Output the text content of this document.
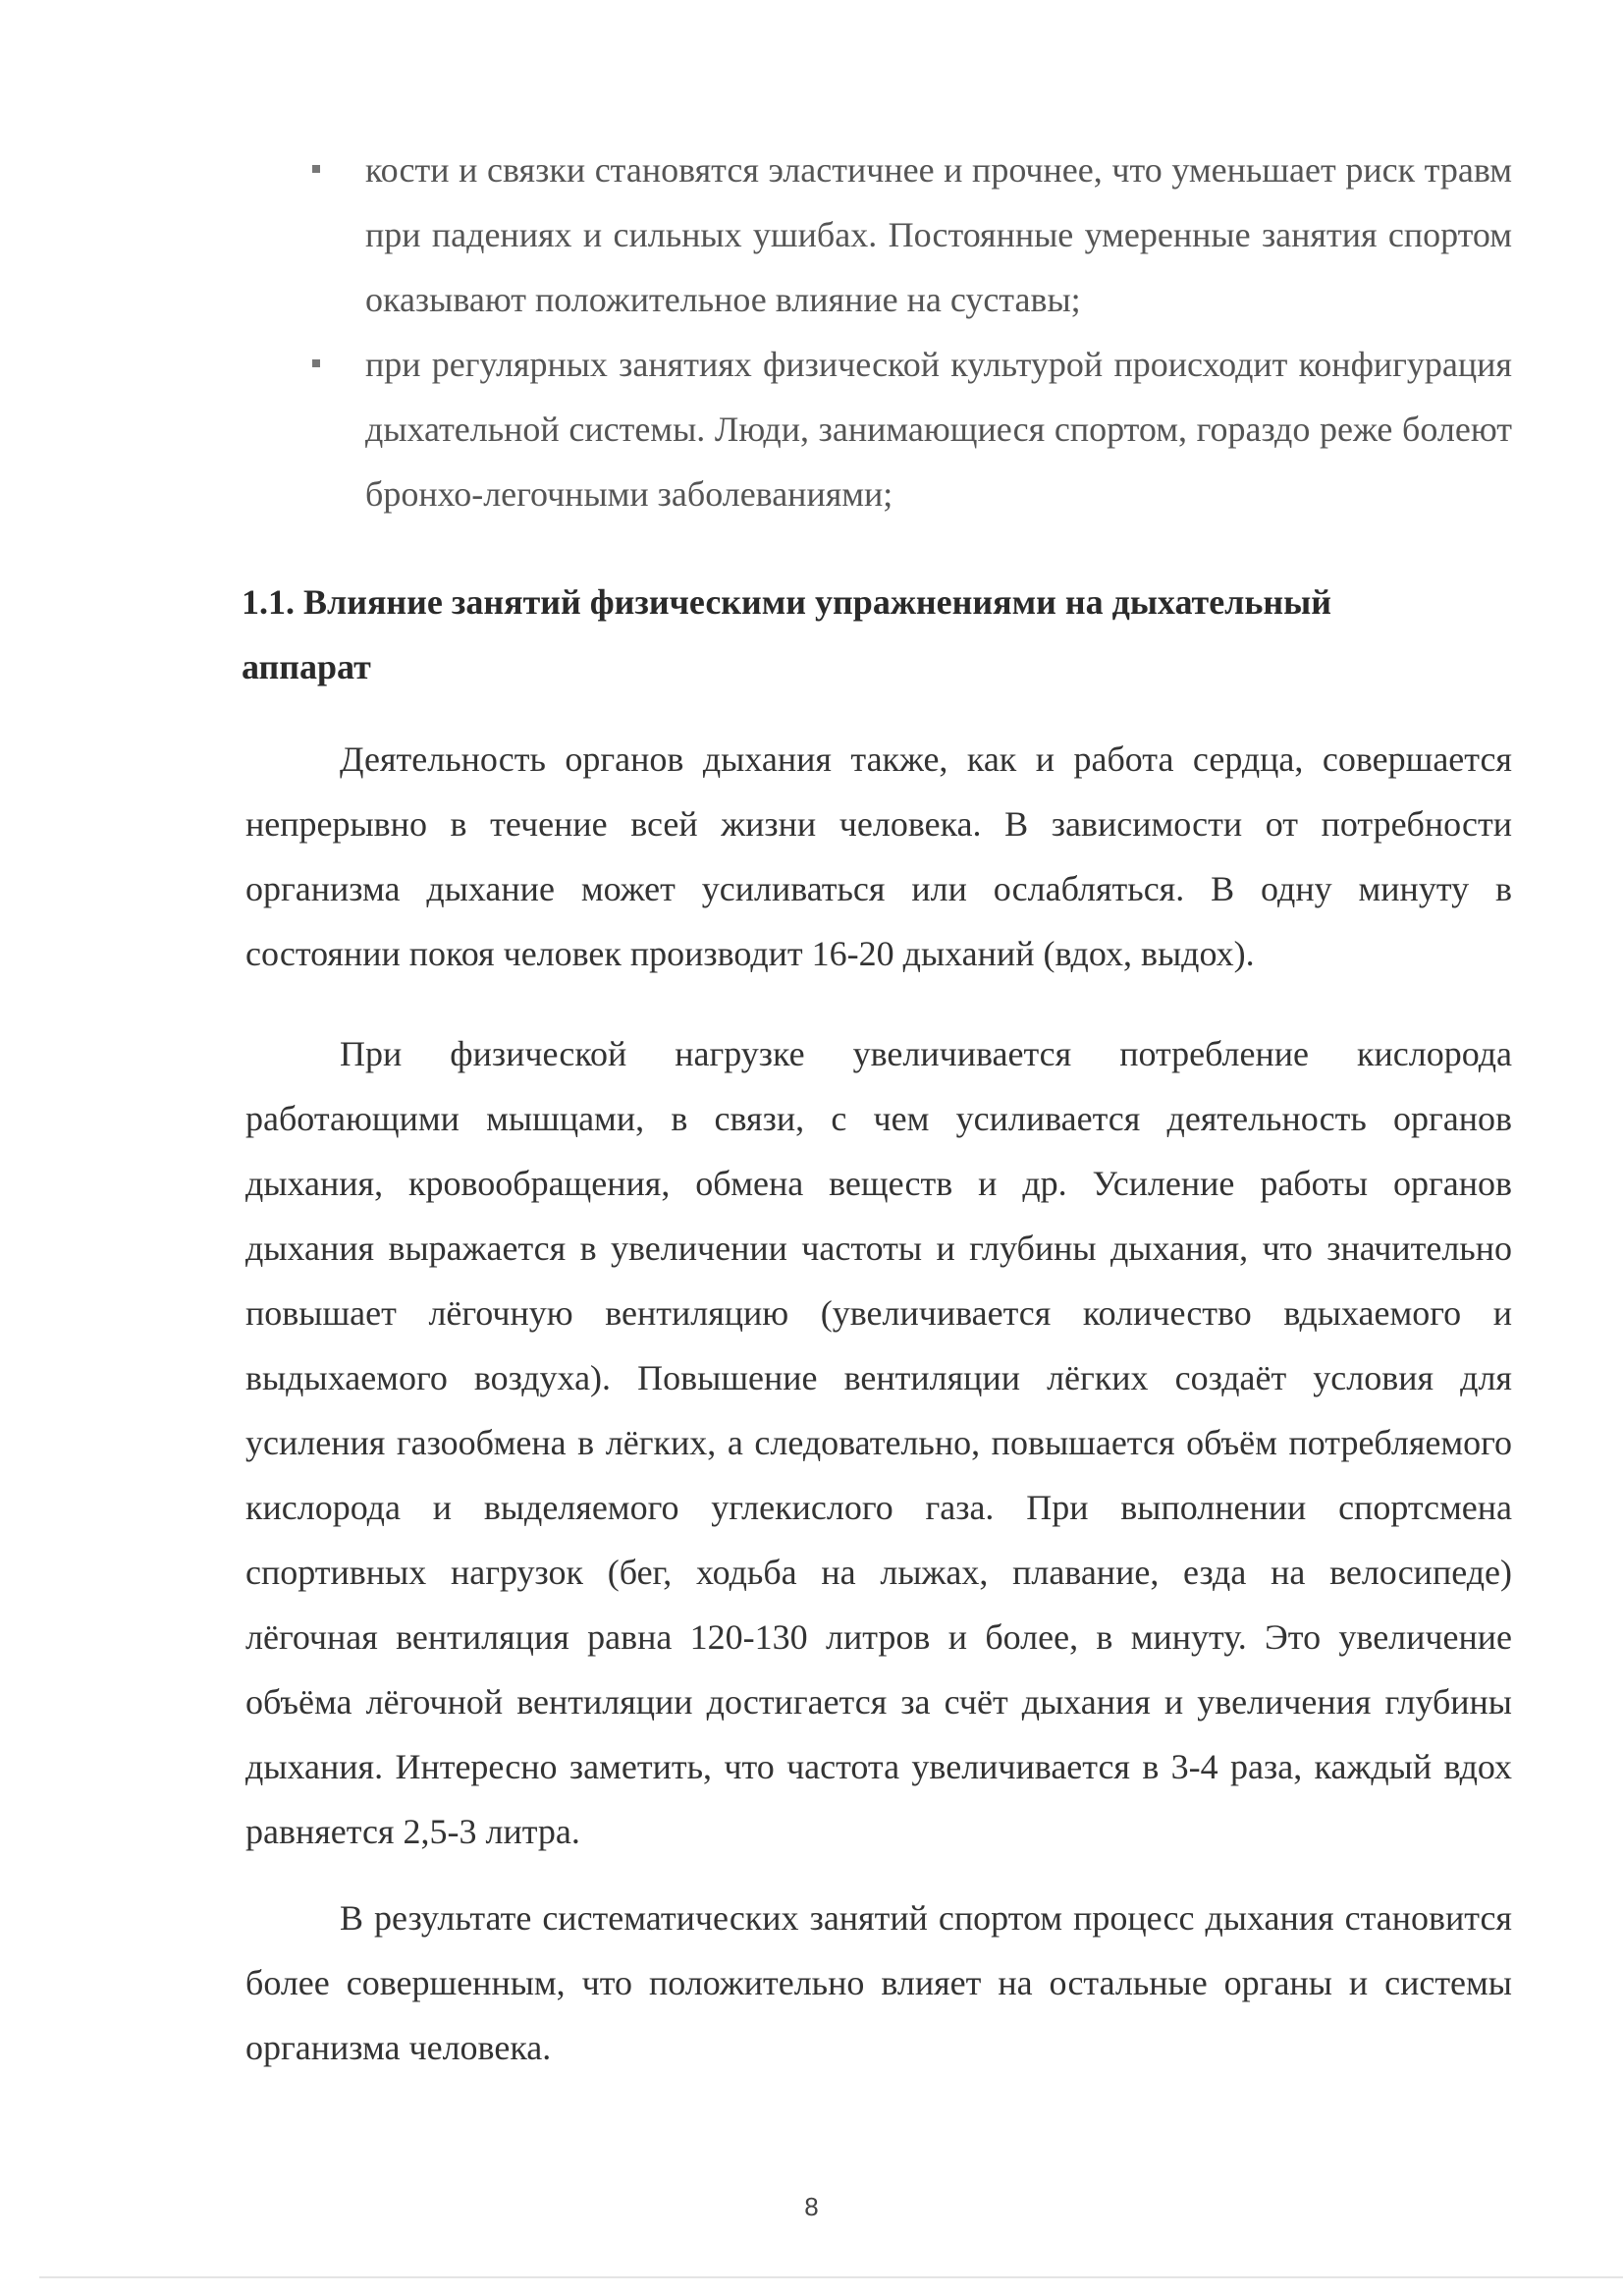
кости и связки становятся эластичнее и прочнее, что уменьшает риск травм при падениях и сильных ушибах. Постоянные умеренные занятия спортом оказывают положительное влияние на суставы;
при регулярных занятиях физической культурой происходит конфигурация дыхательной системы. Люди, занимающиеся спортом, гораздо реже болеют бронхо-легочными заболеваниями;
1.1. Влияние занятий физическими упражнениями на дыхательный аппарат

Деятельность органов дыхания также, как и работа сердца, совершается непрерывно в течение всей жизни человека. В зависимости от потребности организма дыхание может усиливаться или ослабляться. В одну минуту в состоянии покоя человек производит 16-20 дыханий (вдох, выдох).

При физической нагрузке увеличивается потребление кислорода работающими мышцами, в связи, с чем усиливается деятельность органов дыхания, кровообращения, обмена веществ и др. Усиление работы органов дыхания выражается в увеличении частоты и глубины дыхания, что значительно повышает лёгочную вентиляцию (увеличивается количество вдыхаемого и выдыхаемого воздуха). Повышение вентиляции лёгких создаёт условия для усиления газообмена в лёгких, а следовательно, повышается объём потребляемого кислорода и выделяемого углекислого газа. При выполнении спортсмена спортивных нагрузок (бег, ходьба на лыжах, плавание, езда на велосипеде) лёгочная вентиляция равна 120-130 литров и более, в минуту. Это увеличение объёма лёгочной вентиляции достигается за счёт дыхания и увеличения глубины дыхания. Интересно заметить, что частота увеличивается в 3-4 раза, каждый вдох равняется 2,5-3 литра.

В результате систематических занятий спортом процесс дыхания становится более совершенным, что положительно влияет на остальные органы и системы организма человека.

8
